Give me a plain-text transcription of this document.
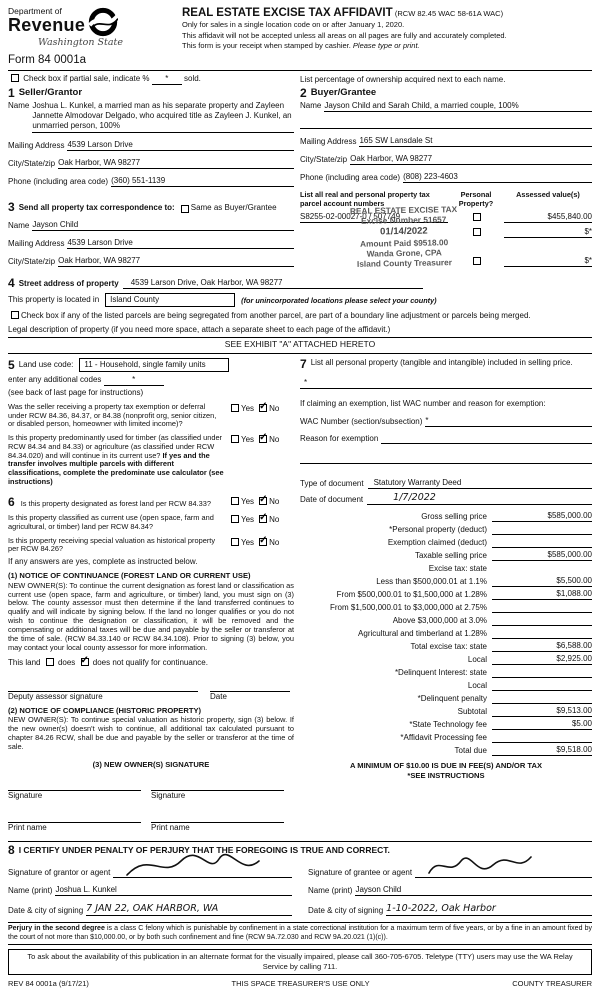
Department of
Revenue
Washington State
Form 84 0001a
REAL ESTATE EXCISE TAX AFFIDAVIT (RCW 82.45 WAC 58-61A WAC)
Only for sales in a single location code on or after January 1, 2020.
This affidavit will not be accepted unless all areas on all pages are fully and accurately completed.
This form is your receipt when stamped by cashier. Please type or print.
Check box if partial sale, indicate % * sold.	List percentage of ownership acquired next to each name.
1 Seller/Grantor
Name Joshua L. Kunkel, a married man as his separate property and Zayleen Jannette Almodovar Delgado, who acquired title as Zayleen J. Kunkel, an unmarried person, 100%
Mailing Address 4539 Larson Drive
City/State/zip Oak Harbor, WA 98277
Phone (including area code) (360) 551-1139
3 Send all property tax correspondence to: Same as Buyer/Grantee
Name Jayson Child
Mailing Address 4539 Larson Drive
City/State/zip Oak Harbor, WA 98277
2 Buyer/Grantee
Name Jayson Child and Sarah Child, a married couple, 100%
Mailing Address 165 SW Lansdale St
City/State/zip Oak Harbor, WA 98277
Phone (including area code) (808) 223-4603
List all real and personal property tax parcel account numbers
Personal Property?
Assessed value(s)
S8255-02-00027-0 / 507749	$455,840.00
$*
$*
REAL ESTATE EXCISE TAX
Excise Number 51657
01/14/2022
Amount Paid $9518.00
Wanda Grone, CPA
Island County Treasurer
4 Street address of property	4539 Larson Drive, Oak Harbor, WA 98277
This property is located in	Island County	(for unincorporated locations please select your county)
Check box if any of the listed parcels are being segregated from another parcel, are part of a boundary line adjustment or parcels being merged.
Legal description of property (if you need more space, attach a separate sheet to each page of the affidavit.)
SEE EXHIBIT "A" ATTACHED HERETO
5 Land use code:	11 - Household, single family units
enter any additional codes	*
(see back of last page for instructions)
Was the seller receiving a property tax exemption or deferral under RCW 84.36, 84.37, or 84.38 (nonprofit org, senior citizen, or disabled person, homeowner with limited income)?
Yes ✓ No
Is this property predominantly used for timber (as classified under RCW 84.34 and 84.33) or agriculture (as classified under RCW 84.34.020) and will continue in its current use? If yes and the transfer involves multiple parcels with different classifications, complete the predominate use calculator (see instructions)
Yes ✓ No
6 Is this property designated as forest land per RCW 84.33?	Yes ✓ No
Is this property classified as current use (open space, farm and agricultural, or timber) land per RCW 84.34?
Yes ✓ No
Is this property receiving special valuation as historical property per RCW 84.26?
Yes ✓ No
If any answers are yes, complete as instructed below.
(1) NOTICE OF CONTINUANCE (FOREST LAND OR CURRENT USE)
NEW OWNER(S): To continue the current designation as forest land or classification as current use (open space, farm and agriculture, or timber) land, you must sign on (3) below. The county assessor must then determine if the land transferred continues to qualify and will indicate by signing below. If the land no longer qualifies or you do not wish to continue the designation or classification, it will be removed and the compensating or additional taxes will be due and payable by the seller or transferor at the time of sale. (RCW 84.33.140 or RCW 84.34.108). Prior to signing (3) below, you may contact your local county assessor for more information.
This land does ✓ does not qualify for continuance.
Deputy assessor signature	Date
(2) NOTICE OF COMPLIANCE (HISTORIC PROPERTY)
NEW OWNER(S): To continue special valuation as historic property, sign (3) below. If the new owner(s) doesn't wish to continue, all additional tax calculated pursuant to chapter 84.26 RCW, shall be due and payable by the seller or transferor at the time of sale.
(3) NEW OWNER(S) SIGNATURE
Signature	Signature
Print name	Print name
7 List all personal property (tangible and intangible) included in selling price.
*
If claiming an exemption, list WAC number and reason for exemption:
WAC Number (section/subsection) *
Reason for exemption
Type of document	Statutory Warranty Deed
Date of document	1/7/2022
Gross selling price	$585,000.00
*Personal property (deduct)
Exemption claimed (deduct)
Taxable selling price	$585,000.00
Excise tax: state
Less than $500,000.01 at 1.1%	$5,500.00
From $500,000.01 to $1,500,000 at 1.28%	$1,088.00
From $1,500,000.01 to $3,000,000 at 2.75%
Above $3,000,000 at 3.0%
Agricultural and timberland at 1.28%
Total excise tax: state	$6,588.00
Local	$2,925.00
*Delinquent Interest: state
Local
*Delinquent penalty
Subtotal	$9,513.00
*State Technology fee	$5.00
*Affidavit Processing fee
Total due	$9,518.00
A MINIMUM OF $10.00 IS DUE IN FEE(S) AND/OR TAX
*SEE INSTRUCTIONS
8 I CERTIFY UNDER PENALTY OF PERJURY THAT THE FOREGOING IS TRUE AND CORRECT.
Signature of grantor or agent
Name (print) Joshua L. Kunkel
Date & city of signing 7 JAN 22, OAK HARBOR, WA
Signature of grantee or agent
Name (print) Jayson Child
Date & city of signing 1-10-2022, Oak Harbor
Perjury in the second degree is a class C felony which is punishable by confinement in a state correctional institution for a maximum term of five years, or by a fine in an amount fixed by the court of not more than $10,000.00, or by both such confinement and fine (RCW 9A.72.030 and RCW 9A.20.021 (1)(c)).
To ask about the availability of this publication in an alternate format for the visually impaired, please call 360-705-6705. Teletype (TTY) users may use the WA Relay Service by calling 711.
REV 84 0001a (9/17/21)	THIS SPACE TREASURER'S USE ONLY	COUNTY TREASURER
